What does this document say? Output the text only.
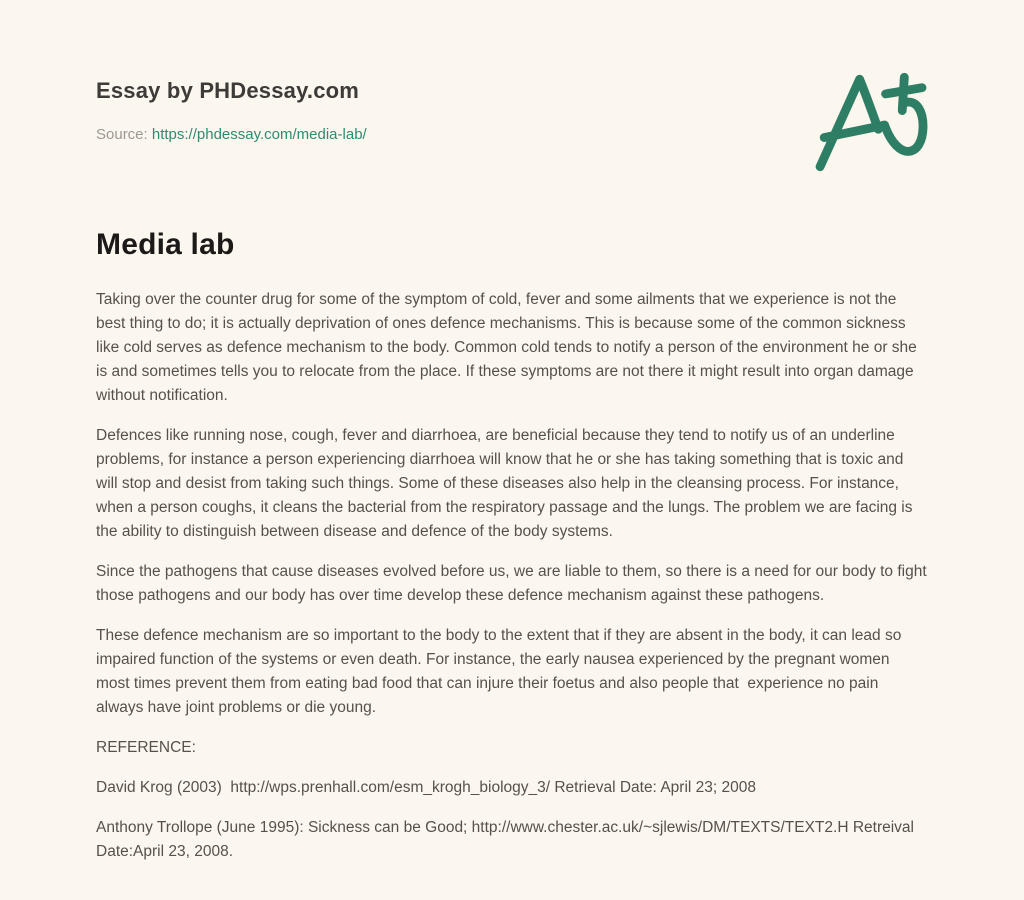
Essay by PHDessay.com
Source: https://phdessay.com/media-lab/
Media lab

Taking over the counter drug for some of the symptom of cold, fever and some ailments that we experience is not the best thing to do; it is actually deprivation of ones defence mechanisms. This is because some of the common sickness like cold serves as defence mechanism to the body. Common cold tends to notify a person of the environment he or she is and sometimes tells you to relocate from the place. If these symptoms are not there it might result into organ damage without notification.

Defences like running nose, cough, fever and diarrhoea, are beneficial because they tend to notify us of an underline problems, for instance a person experiencing diarrhoea will know that he or she has taking something that is toxic and will stop and desist from taking such things. Some of these diseases also help in the cleansing process. For instance, when a person coughs, it cleans the bacterial from the respiratory passage and the lungs. The problem we are facing is the ability to distinguish between disease and defence of the body systems.

Since the pathogens that cause diseases evolved before us, we are liable to them, so there is a need for our body to fight those pathogens and our body has over time develop these defence mechanism against these pathogens.

These defence mechanism are so important to the body to the extent that if they are absent in the body, it can lead so impaired function of the systems or even death. For instance, the early nausea experienced by the pregnant women  most times prevent them from eating bad food that can injure their foetus and also people that  experience no pain always have joint problems or die young.

REFERENCE:

David Krog (2003)  http://wps.prenhall.com/esm_krogh_biology_3/ Retrieval Date: April 23; 2008

Anthony Trollope (June 1995): Sickness can be Good; http://www.chester.ac.uk/~sjlewis/DM/TEXTS/TEXT2.H Retreival Date:April 23, 2008.
